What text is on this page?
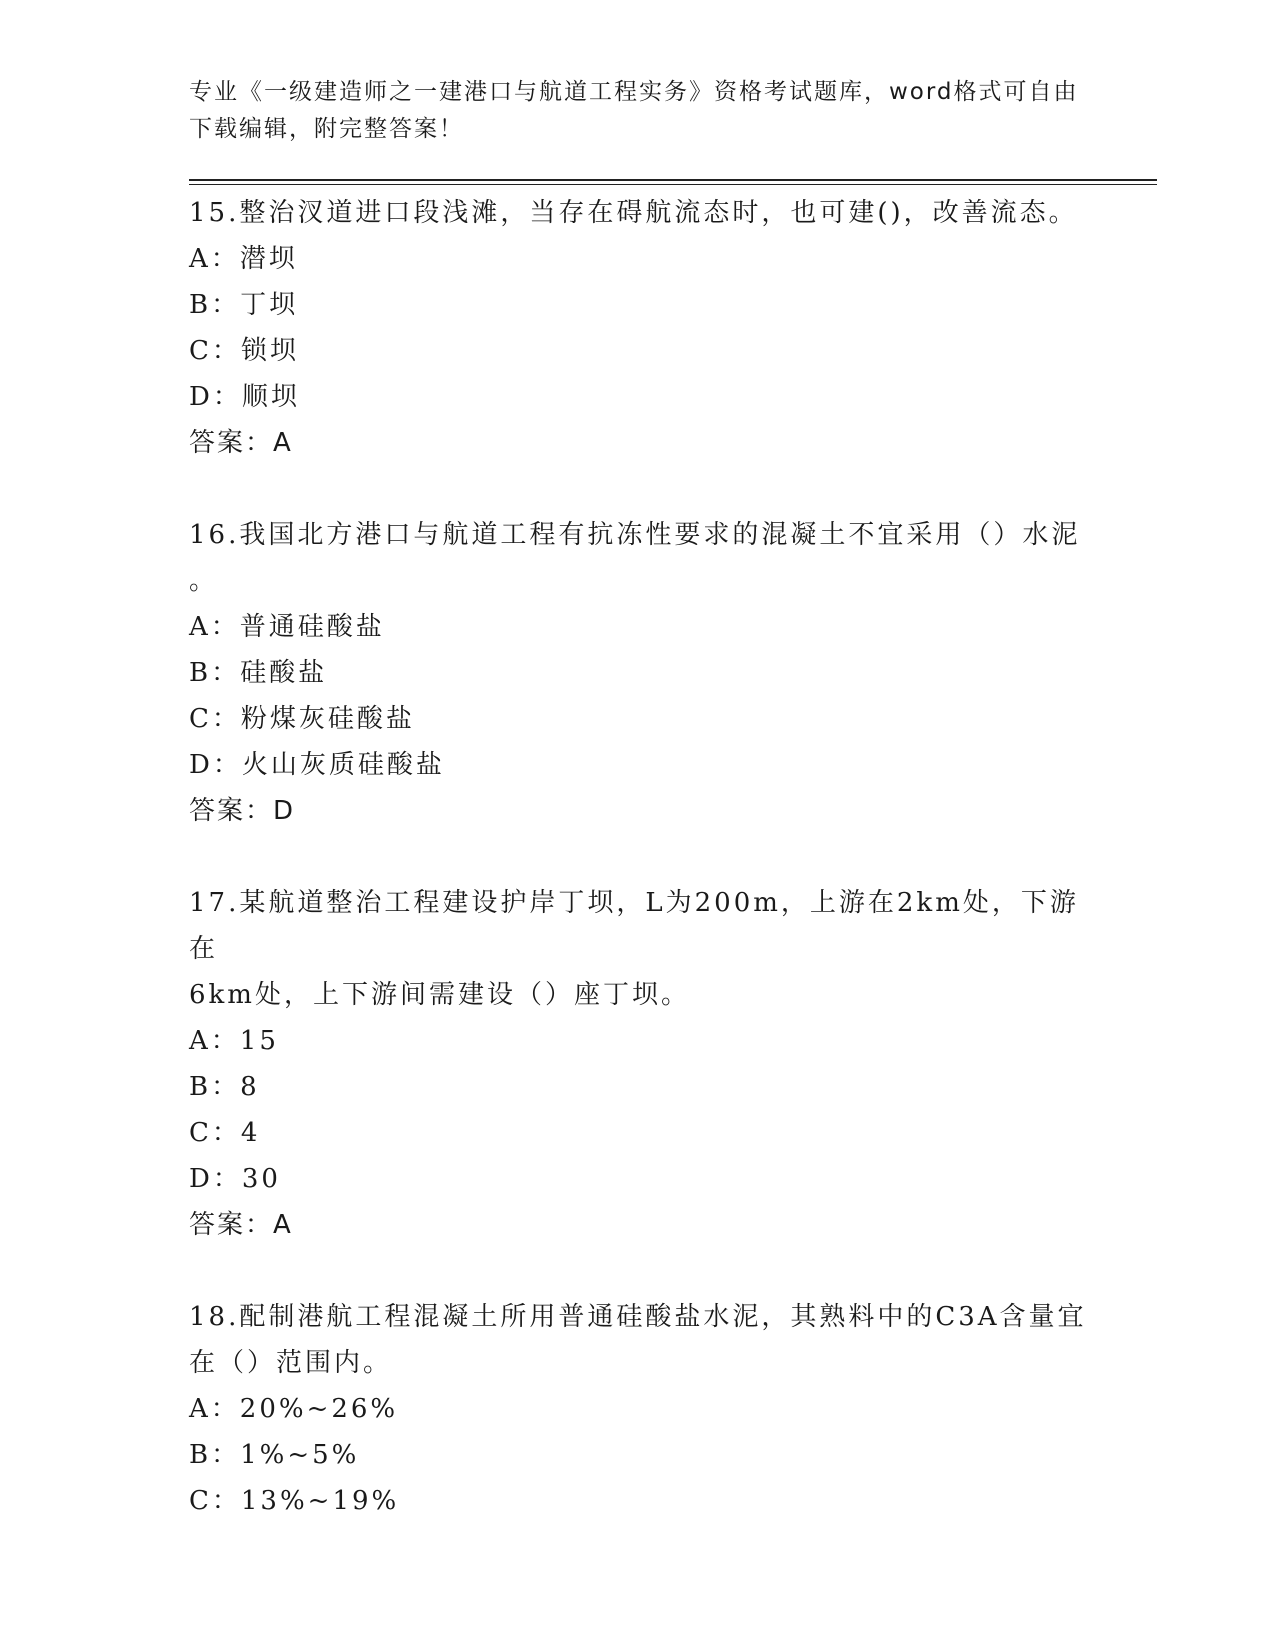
专业《一级建造师之一建港口与航道工程实务》资格考试题库，word格式可自由
下载编辑，附完整答案！

15.整治汊道进口段浅滩，当存在碍航流态时，也可建()，改善流态。

A：潜坝

B：丁坝

C：锁坝

D：顺坝

答案：A

16.我国北方港口与航道工程有抗冻性要求的混凝土不宜采用（）水泥

。

A：普通硅酸盐

B：硅酸盐

C：粉煤灰硅酸盐

D：火山灰质硅酸盐

答案：D

17.某航道整治工程建设护岸丁坝，L为200m，上游在2km处，下游在

6km处，上下游间需建设（）座丁坝。

A：15

B：8

C：4

D：30

答案：A

18.配制港航工程混凝土所用普通硅酸盐水泥，其熟料中的C3A含量宜

在（）范围内。

A：20%~26%

B：1%~5%

C：13%~19%
